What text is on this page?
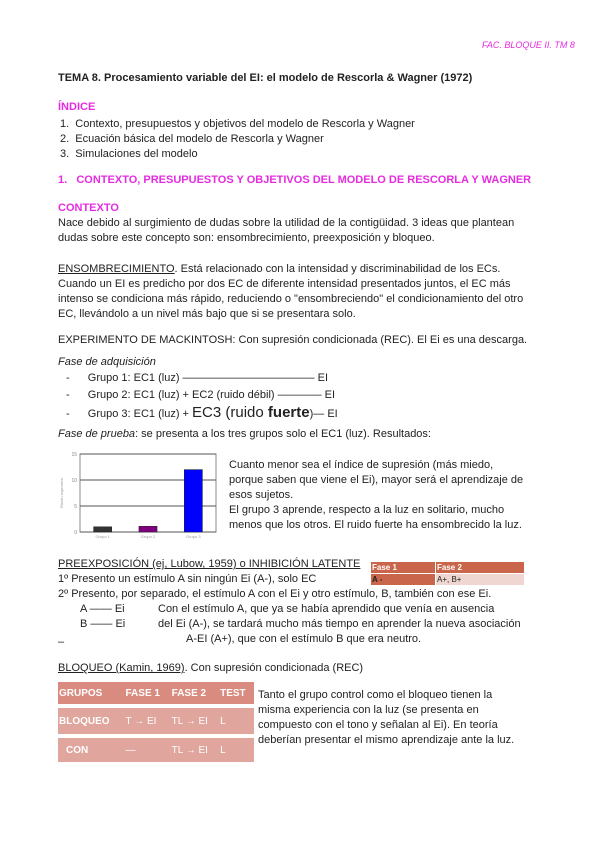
FAC. BLOQUE II. TM 8
TEMA 8. Procesamiento variable del EI: el modelo de Rescorla & Wagner (1972)
ÍNDICE
1.  Contexto, presupuestos y objetivos del modelo de Rescorla y Wagner
2.  Ecuación básica del modelo de Rescorla y Wagner
3.  Simulaciones del modelo
1. CONTEXTO, PRESUPUESTOS Y OBJETIVOS DEL MODELO DE RESCORLA Y WAGNER
CONTEXTO
Nace debido al surgimiento de dudas sobre la utilidad de la contigüidad. 3 ideas que plantean
dudas sobre este concepto son: ensombrecimiento, preexposición y bloqueo.
ENSOMBRECIMIENTO. Está relacionado con la intensidad y discriminabilidad de los ECs.
Cuando un EI es predicho por dos EC de diferente intensidad presentados juntos, el EC más
intenso se condiciona más rápido, reduciendo o "ensombreciendo" el condicionamiento del otro
EC, llevándolo a un nivel más bajo que si se presentara solo.
EXPERIMENTO DE MACKINTOSH: Con supresión condicionada (REC). El Ei es una descarga.
Fase de adquisición
- Grupo 1: EC1 (luz) ———————————— EI
- Grupo 2: EC1 (luz) + EC2 (ruido débil) ———— EI
- Grupo 3: EC1 (luz) + EC3 (ruido fuerte)— EI
Fase de prueba: se presenta a los tres grupos solo el EC1 (luz). Resultados:
0
5
10
15
Razón supresión
Grupo 1	Grupo 2	Grupo 3
Cuanto menor sea el índice de supresión (más miedo,
porque saben que viene el Ei), mayor será el aprendizaje de
esos sujetos.
El grupo 3 aprende, respecto a la luz en solitario, mucho
menos que los otros. El ruido fuerte ha ensombrecido la luz.
PREEXPOSICIÓN (ej, Lubow, 1959) o INHIBICIÓN LATENTE Fase 1	Fase 2
A -	A+, B+
1º Presento un estímulo A sin ningún Ei (A-), solo EC
2º Presento, por separado, el estímulo A con el Ei y otro estímulo, B, también con ese Ei.
A —— Ei	Con el estímulo A, que ya se había aprendido que venía en ausencia
B —— Ei	del Ei (A-), se tardará mucho más tiempo en aprender la nueva asociación
A-EI (A+), que con el estímulo B que era neutro.
–
BLOQUEO (Kamin, 1969). Con supresión condicionada (REC)
GRUPOS	FASE 1	FASE 2	TEST
BLOQUEO	T → EI	TL → EI	L
CON	—	TL → EI	L
Tanto el grupo control como el bloqueo tienen la
misma experiencia con la luz (se presenta en
compuesto con el tono y señalan al Ei). En teoría
deberían presentar el mismo aprendizaje ante la luz.
